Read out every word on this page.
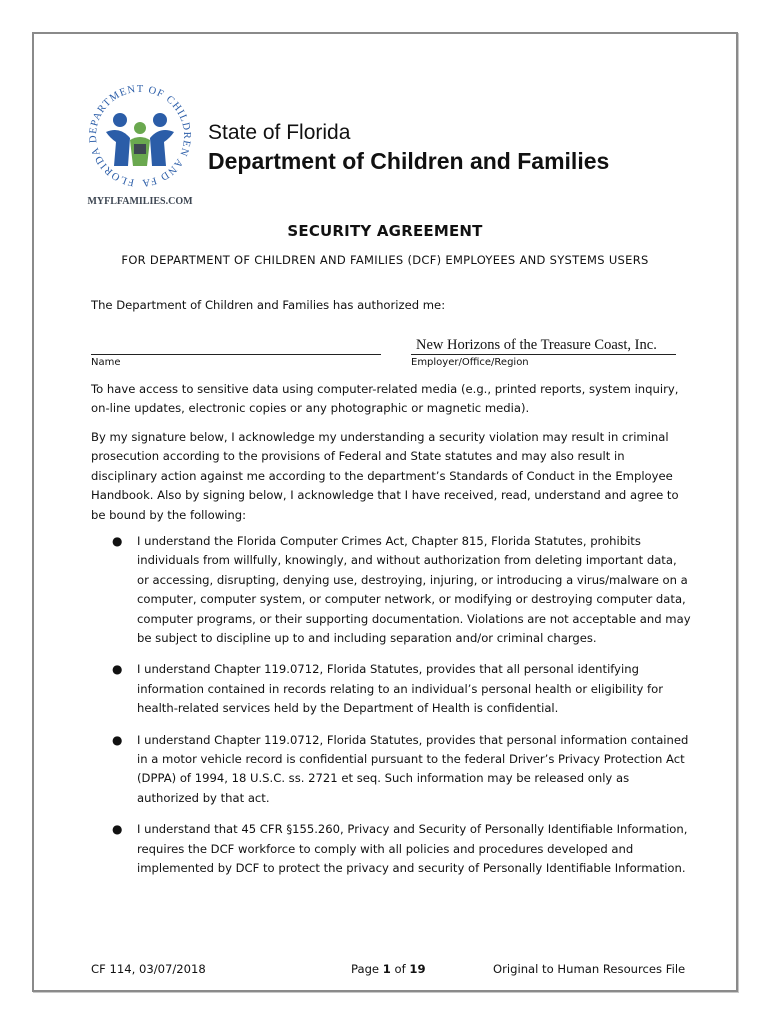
FLORIDA DEPARTMENT OF CHILDREN AND FA
MYFLFAMILIES.COM
State of Florida
Department of Children and Families
SECURITY AGREEMENT
FOR DEPARTMENT OF CHILDREN AND FAMILIES (DCF) EMPLOYEES AND SYSTEMS USERS
The Department of Children and Families has authorized me:
New Horizons of the Treasure Coast, Inc.
Name	Employer/Office/Region
To have access to sensitive data using computer-related media (e.g., printed reports, system inquiry, on-line updates, electronic copies or any photographic or magnetic media).
By my signature below, I acknowledge my understanding a security violation may result in criminal prosecution according to the provisions of Federal and State statutes and may also result in disciplinary action against me according to the department’s Standards of Conduct in the Employee Handbook. Also by signing below, I acknowledge that I have received, read, understand and agree to be bound by the following:
● I understand the Florida Computer Crimes Act, Chapter 815, Florida Statutes, prohibits individuals from willfully, knowingly, and without authorization from deleting important data, or accessing, disrupting, denying use, destroying, injuring, or introducing a virus/malware on a computer, computer system, or computer network, or modifying or destroying computer data, computer programs, or their supporting documentation. Violations are not acceptable and may be subject to discipline up to and including separation and/or criminal charges.
● I understand Chapter 119.0712, Florida Statutes, provides that all personal identifying information contained in records relating to an individual’s personal health or eligibility for health-related services held by the Department of Health is confidential.
● I understand Chapter 119.0712, Florida Statutes, provides that personal information contained in a motor vehicle record is confidential pursuant to the federal Driver’s Privacy Protection Act (DPPA) of 1994, 18 U.S.C. ss. 2721 et seq. Such information may be released only as authorized by that act.
● I understand that 45 CFR §155.260, Privacy and Security of Personally Identifiable Information, requires the DCF workforce to comply with all policies and procedures developed and implemented by DCF to protect the privacy and security of Personally Identifiable Information.
CF 114, 03/07/2018	Page 1 of 19	Original to Human Resources File
